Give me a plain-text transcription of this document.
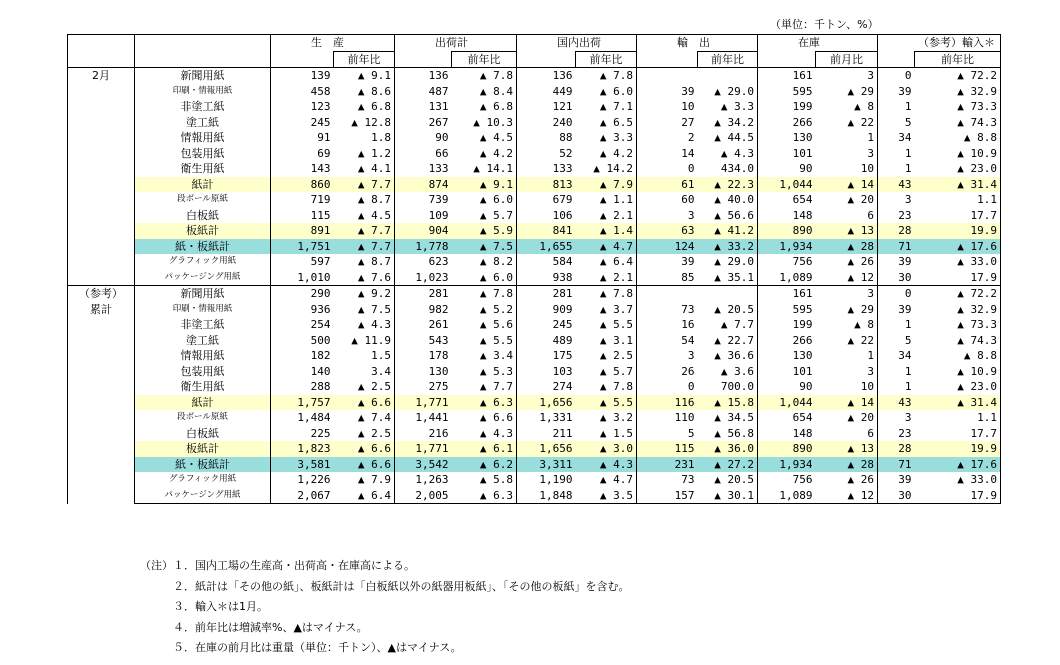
（単位：千トン、%）
		生　産		出荷計		国内出荷		輸　出		在庫		（参考）輸入＊	
			前年比		前年比		前年比		前年比		前月比		前年比

2月	新聞用紙	139	▲ 9.1	136	▲ 7.8	136	▲ 7.8			161	3	0	▲ 72.2
	印刷・情報用紙	458	▲ 8.6	487	▲ 8.4	449	▲ 6.0	39	▲ 29.0	595	▲ 29	39	▲ 32.9
	非塗工紙	123	▲ 6.8	131	▲ 6.8	121	▲ 7.1	10	▲ 3.3	199	▲ 8	1	▲ 73.3
	塗工紙	245	▲ 12.8	267	▲ 10.3	240	▲ 6.5	27	▲ 34.2	266	▲ 22	5	▲ 74.3
	情報用紙	91	1.8	90	▲ 4.5	88	▲ 3.3	2	▲ 44.5	130	1	34	▲ 8.8
	包装用紙	69	▲ 1.2	66	▲ 4.2	52	▲ 4.2	14	▲ 4.3	101	3	1	▲ 10.9
	衛生用紙	143	▲ 4.1	133	▲ 14.1	133	▲ 14.2	0	434.0	90	10	1	▲ 23.0
	紙計	860	▲ 7.7	874	▲ 9.1	813	▲ 7.9	61	▲ 22.3	1,044	▲ 14	43	▲ 31.4
	段ボール原紙	719	▲ 8.7	739	▲ 6.0	679	▲ 1.1	60	▲ 40.0	654	▲ 20	3	1.1
	白板紙	115	▲ 4.5	109	▲ 5.7	106	▲ 2.1	3	▲ 56.6	148	6	23	17.7
	板紙計	891	▲ 7.7	904	▲ 5.9	841	▲ 1.4	63	▲ 41.2	890	▲ 13	28	19.9
	紙・板紙計	1,751	▲ 7.7	1,778	▲ 7.5	1,655	▲ 4.7	124	▲ 33.2	1,934	▲ 28	71	▲ 17.6
	グラフィック用紙	597	▲ 8.7	623	▲ 8.2	584	▲ 6.4	39	▲ 29.0	756	▲ 26	39	▲ 33.0
	パッケージング用紙	1,010	▲ 7.6	1,023	▲ 6.0	938	▲ 2.1	85	▲ 35.1	1,089	▲ 12	30	17.9

（参考）
累計	新聞用紙	290	▲ 9.2	281	▲ 7.8	281	▲ 7.8			161	3	0	▲ 72.2
	印刷・情報用紙	936	▲ 7.5	982	▲ 5.2	909	▲ 3.7	73	▲ 20.5	595	▲ 29	39	▲ 32.9
	非塗工紙	254	▲ 4.3	261	▲ 5.6	245	▲ 5.5	16	▲ 7.7	199	▲ 8	1	▲ 73.3
	塗工紙	500	▲ 11.9	543	▲ 5.5	489	▲ 3.1	54	▲ 22.7	266	▲ 22	5	▲ 74.3
	情報用紙	182	1.5	178	▲ 3.4	175	▲ 2.5	3	▲ 36.6	130	1	34	▲ 8.8
	包装用紙	140	3.4	130	▲ 5.3	103	▲ 5.7	26	▲ 3.6	101	3	1	▲ 10.9
	衛生用紙	288	▲ 2.5	275	▲ 7.7	274	▲ 7.8	0	700.0	90	10	1	▲ 23.0
	紙計	1,757	▲ 6.6	1,771	▲ 6.3	1,656	▲ 5.5	116	▲ 15.8	1,044	▲ 14	43	▲ 31.4
	段ボール原紙	1,484	▲ 7.4	1,441	▲ 6.6	1,331	▲ 3.2	110	▲ 34.5	654	▲ 20	3	1.1
	白板紙	225	▲ 2.5	216	▲ 4.3	211	▲ 1.5	5	▲ 56.8	148	6	23	17.7
	板紙計	1,823	▲ 6.6	1,771	▲ 6.1	1,656	▲ 3.0	115	▲ 36.0	890	▲ 13	28	19.9
	紙・板紙計	3,581	▲ 6.6	3,542	▲ 6.2	3,311	▲ 4.3	231	▲ 27.2	1,934	▲ 28	71	▲ 17.6
	グラフィック用紙	1,226	▲ 7.9	1,263	▲ 5.8	1,190	▲ 4.7	73	▲ 20.5	756	▲ 26	39	▲ 33.0
	パッケージング用紙	2,067	▲ 6.4	2,005	▲ 6.3	1,848	▲ 3.5	157	▲ 30.1	1,089	▲ 12	30	17.9
（注）１．国内工場の生産高・出荷高・在庫高による。
２．紙計は「その他の紙」、板紙計は「白板紙以外の紙器用板紙」、「その他の板紙」を含む。
３．輸入＊は1月。
４．前年比は増減率%、▲はマイナス。
５．在庫の前月比は重量（単位：千トン）、▲はマイナス。
